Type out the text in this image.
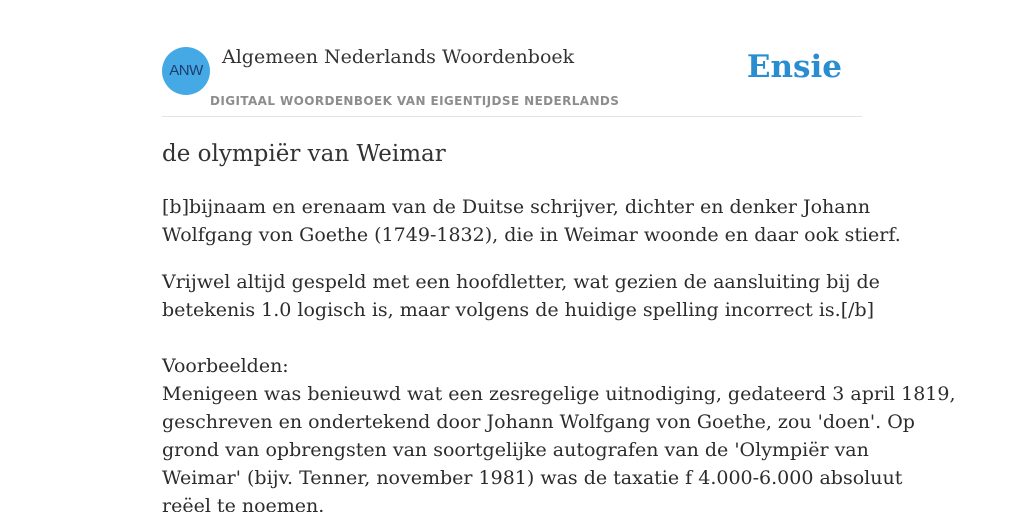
ANW
Algemeen Nederlands Woordenboek
DIGITAAL WOORDENBOEK VAN EIGENTIJDSE NEDERLANDS
Ensie
de olympiër van Weimar

[b]bijnaam en erenaam van de Duitse schrijver, dichter en denker Johann
Wolfgang von Goethe (1749-1832), die in Weimar woonde en daar ook stierf.

Vrijwel altijd gespeld met een hoofdletter, wat gezien de aansluiting bij de
betekenis 1.0 logisch is, maar volgens de huidige spelling incorrect is.[/b]

Voorbeelden:
Menigeen was benieuwd wat een zesregelige uitnodiging, gedateerd 3 april 1819,
geschreven en ondertekend door Johann Wolfgang von Goethe, zou 'doen'. Op
grond van opbrengsten van soortgelijke autografen van de 'Olympiër van
Weimar' (bijv. Tenner, november 1981) was de taxatie f 4.000-6.000 absoluut
reëel te noemen.
